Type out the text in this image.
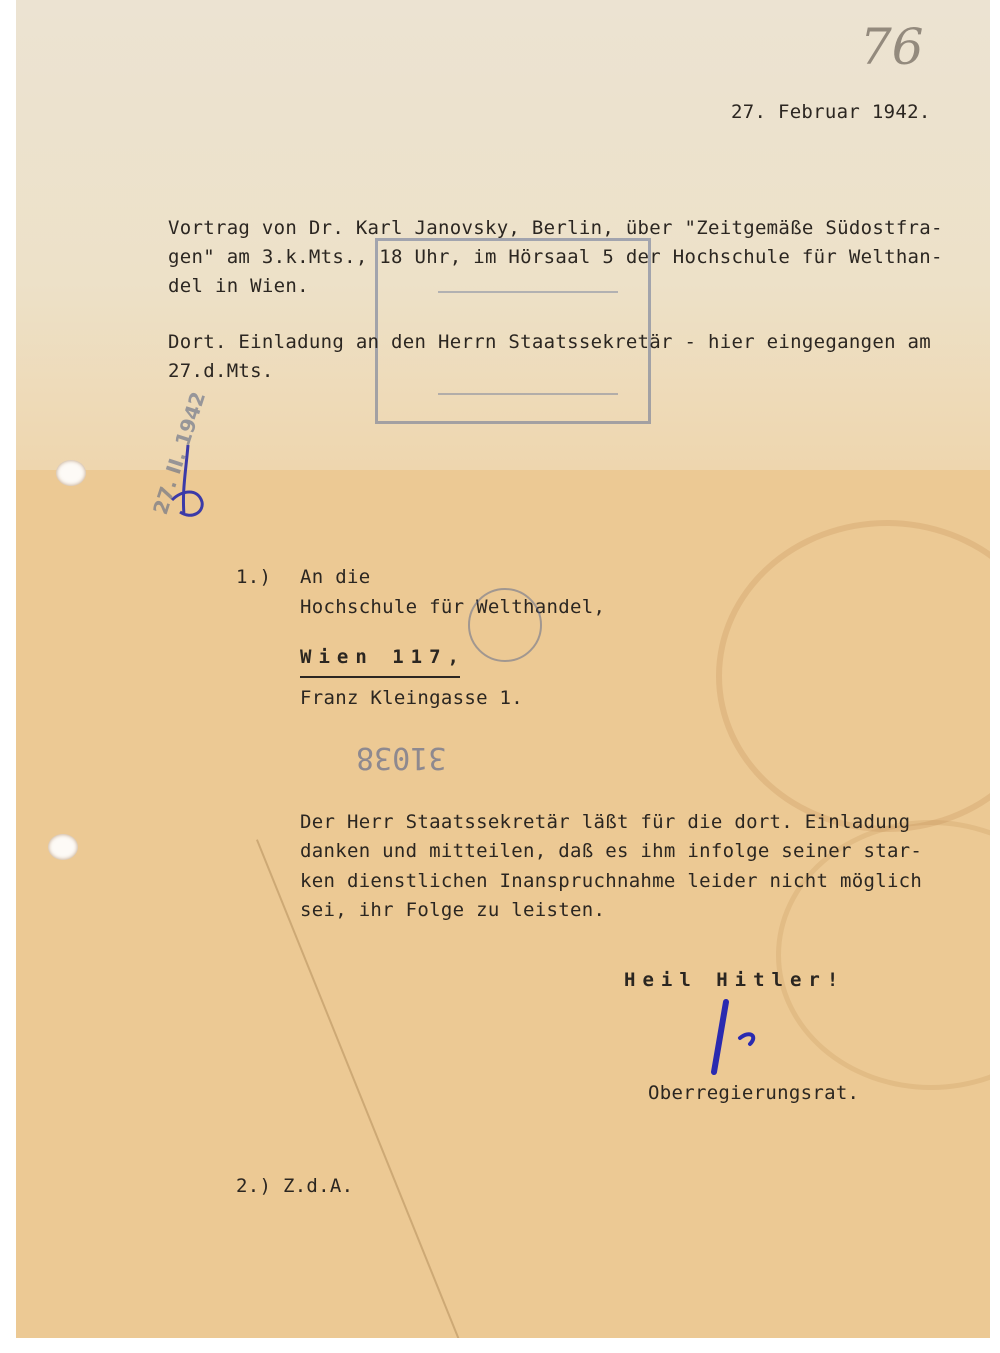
76
27. Februar 1942.
Vortrag von Dr. Karl Janovsky, Berlin, über "Zeitgemäße Südostfra-
gen" am 3.k.Mts., 18 Uhr, im Hörsaal 5 der Hochschule für Welthan-
del in Wien.
Dort. Einladung an den Herrn Staatssekretär - hier eingegangen am
27.d.Mts.
27. II. 1942
1.) An die
Hochschule für Welthandel,
Wien 117,
Franz Kleingasse 1.
31038
Der Herr Staatssekretär läßt für die dort. Einladung
danken und mitteilen, daß es ihm infolge seiner star-
ken dienstlichen Inanspruchnahme leider nicht möglich
sei, ihr Folge zu leisten.
Heil Hitler!
Oberregierungsrat.
2.) Z.d.A.
